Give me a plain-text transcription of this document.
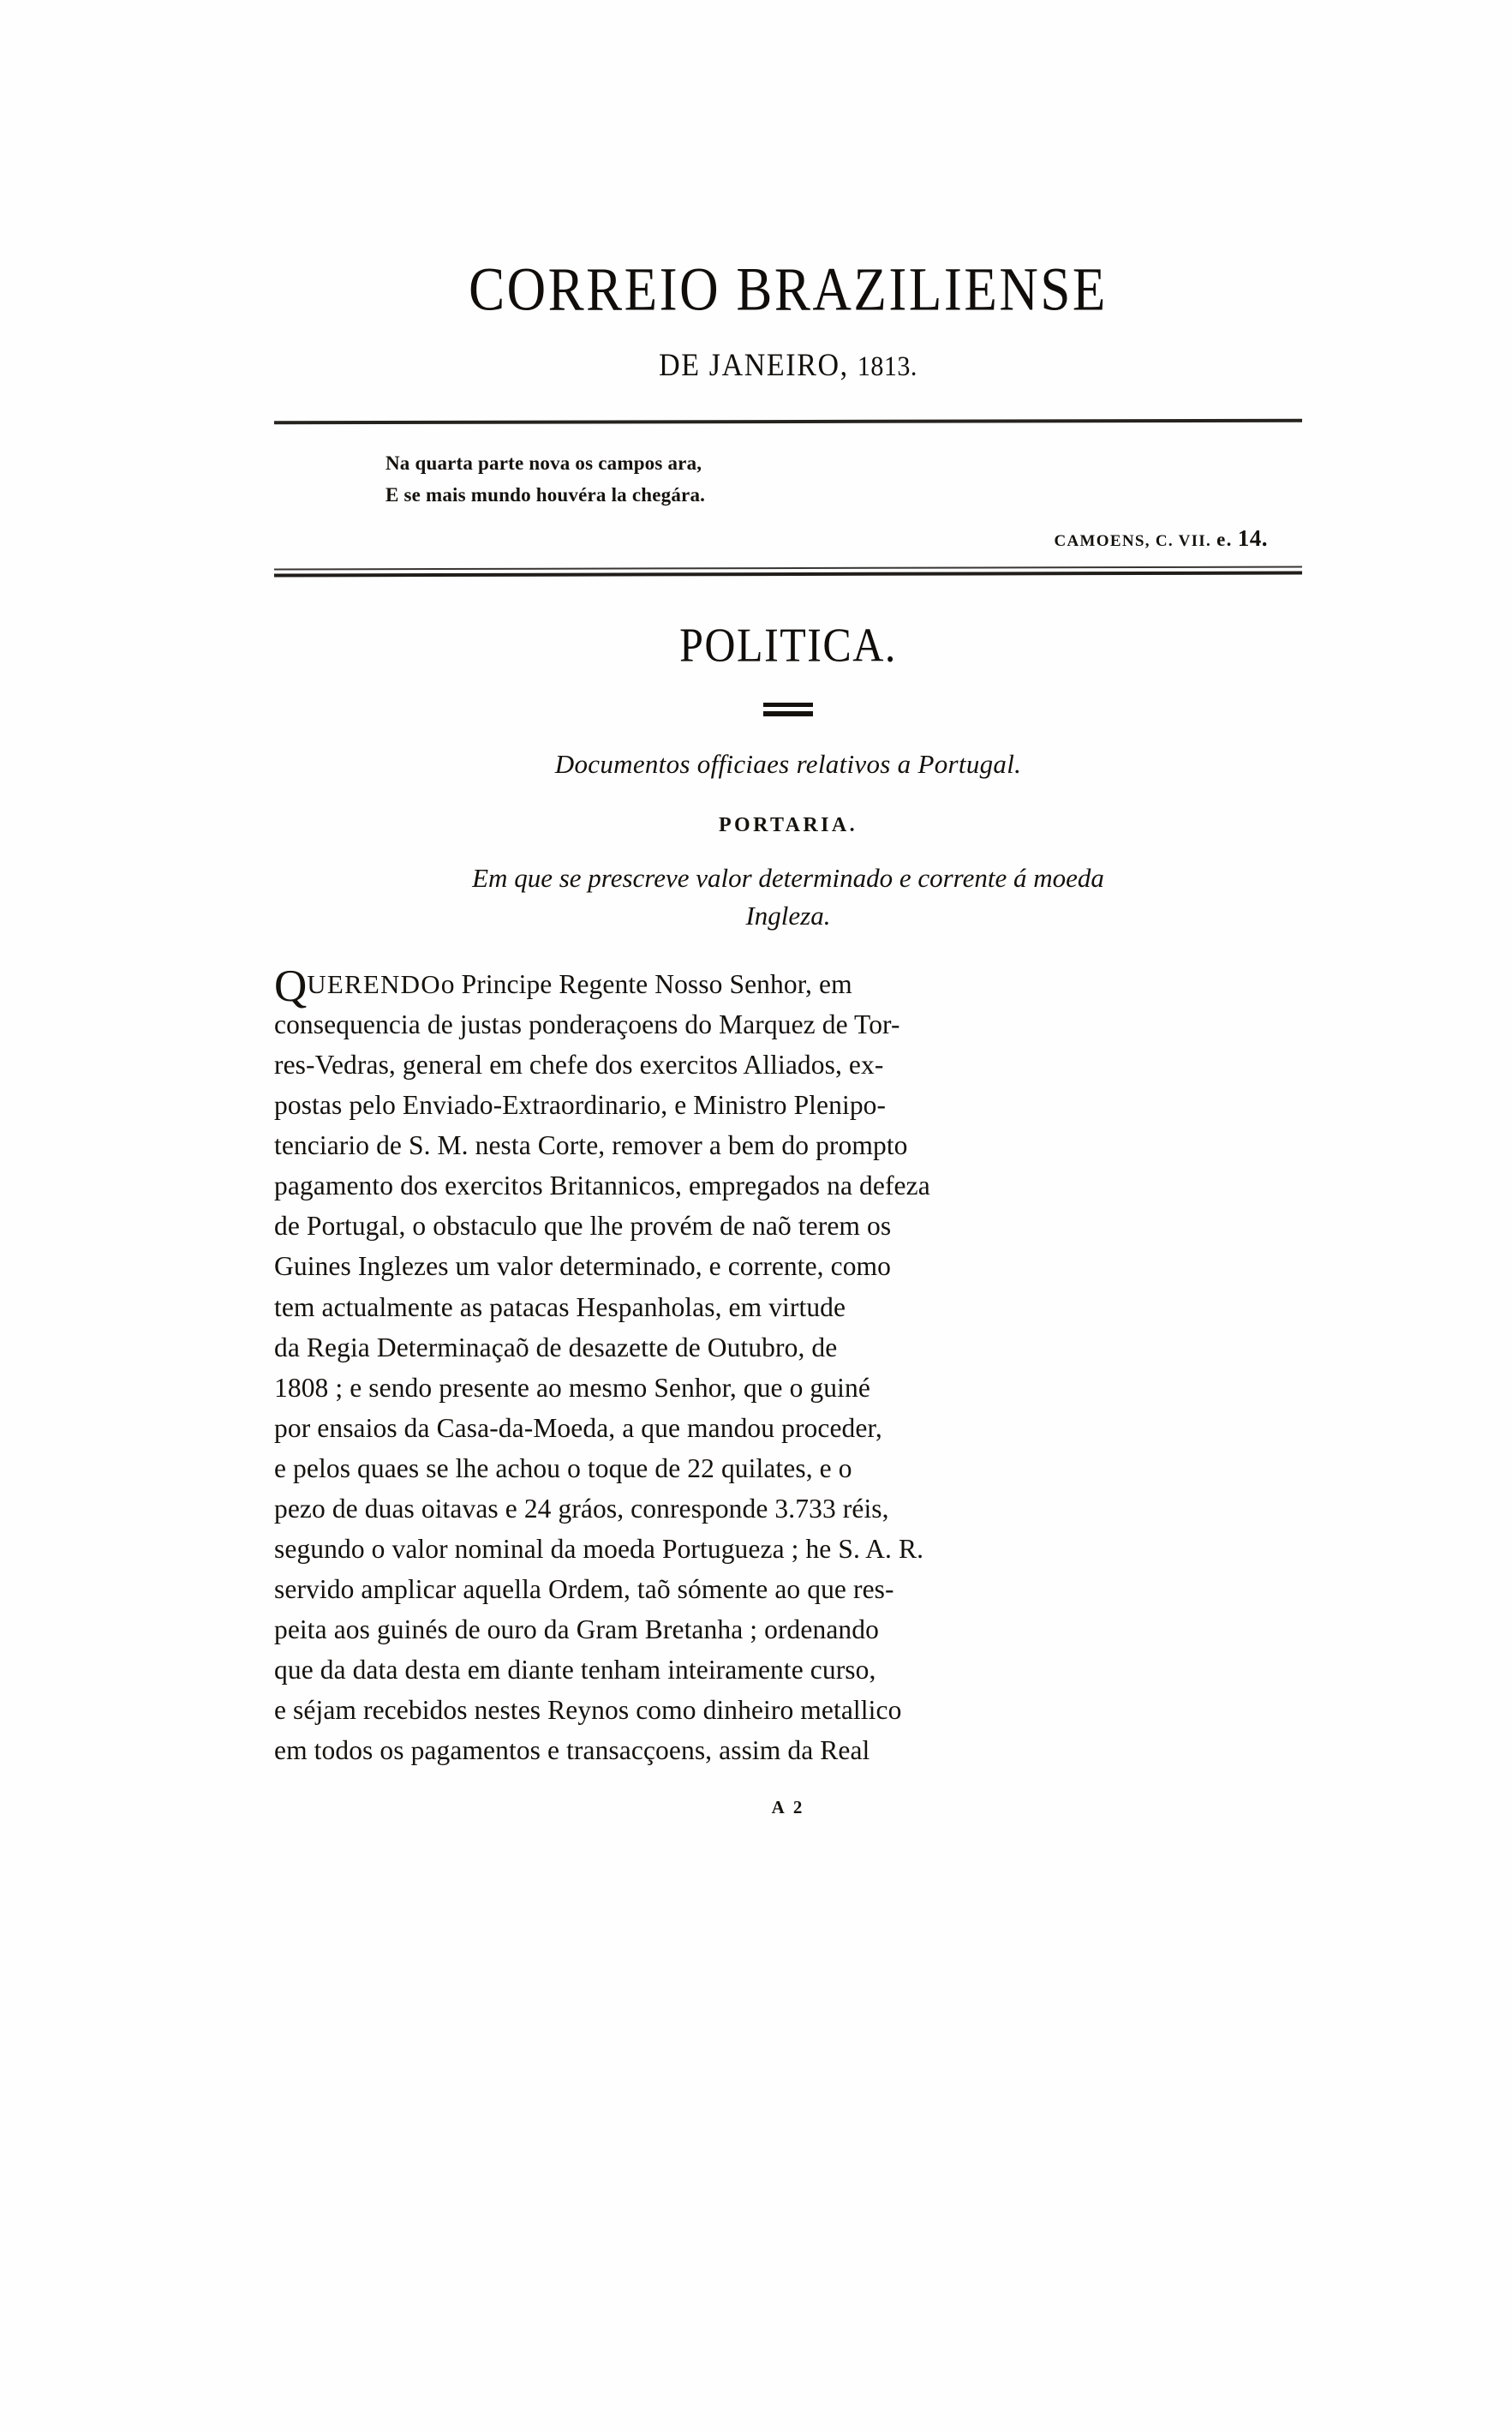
CORREIO BRAZILIENSE
DE JANEIRO, 1813.
Na quarta parte nova os campos ara,
E se mais mundo houvéra la chegára.
CAMOENS, C. VII. e. 14.
POLITICA.
Documentos officiaes relativos a Portugal.
PORTARIA.
Em que se prescreve valor determinado e corrente á moeda
Ingleza.
QUERENDOo Principe Regente Nosso Senhor, em
consequencia de justas ponderaçoens do Marquez de Tor-
res-Vedras, general em chefe dos exercitos Alliados, ex-
postas pelo Enviado-Extraordinario, e Ministro Plenipo-
tenciario de S. M. nesta Corte, remover a bem do prompto
pagamento dos exercitos Britannicos, empregados na defeza
de Portugal, o obstaculo que lhe provém de naõ terem os
Guines Inglezes um valor determinado, e corrente, como
tem actualmente as patacas Hespanholas, em virtude
da Regia Determinaçaõ de desazette de Outubro, de
1808 ; e sendo presente ao mesmo Senhor, que o guiné
por ensaios da Casa-da-Moeda, a que mandou proceder,
e pelos quaes se lhe achou o toque de 22 quilates, e o
pezo de duas oitavas e 24 gráos, conresponde 3.733 réis,
segundo o valor nominal da moeda Portugueza ; he S. A. R.
servido amplicar aquella Ordem, taõ sómente ao que res-
peita aos guinés de ouro da Gram Bretanha ; ordenando
que da data desta em diante tenham inteiramente curso,
e séjam recebidos nestes Reynos como dinheiro metallico
em todos os pagamentos e transacçoens, assim da Real
A 2
